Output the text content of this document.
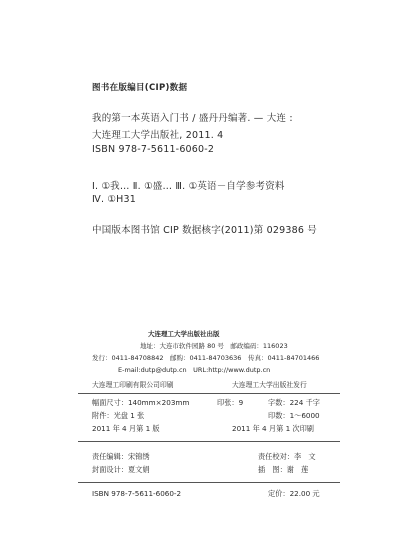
图书在版编目(CIP)数据
我的第一本英语入门书 / 盛丹丹编著. — 大连 :
大连理工大学出版社, 2011. 4
ISBN 978-7-5611-6060-2
Ⅰ. ①我… Ⅱ. ①盛… Ⅲ. ①英语－自学参考资料
Ⅳ. ①H31
中国版本图书馆 CIP 数据核字(2011)第 029386 号
大连理工大学出版社出版
地址：大连市软件园路 80 号　邮政编码：116023
发行：0411-84708842　邮购：0411-84703636　传真：0411-84701466
E-mail:dutp@dutp.cn　URL:http://www.dutp.cn
大连理工印刷有限公司印刷	大连理工大学出版社发行
幅面尺寸：140mm×203mm	印张：9	字数：224 千字
附件：光盘 1 张	印数：1～6000
2011 年 4 月第 1 版	2011 年 4 月第 1 次印刷
责任编辑：宋锦绣	责任校对：李　文
封面设计：夏文娟	插　图：谢　莲
ISBN 978-7-5611-6060-2	定价：22.00 元
